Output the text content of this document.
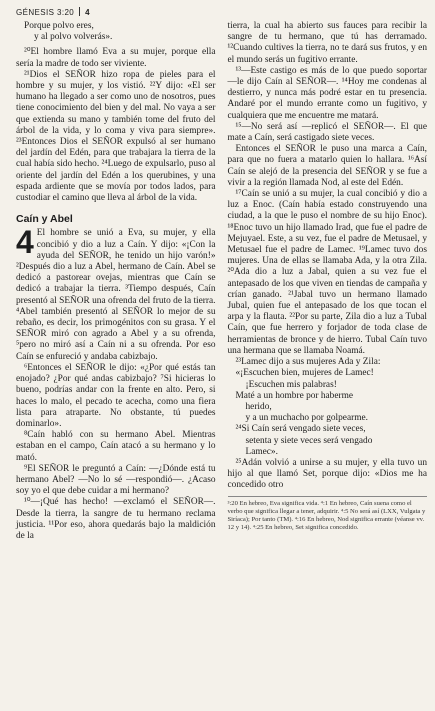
GÉNESIS 3:20 4
Porque polvo eres,
y al polvo volverás».

²⁰El hombre llamó Eva a su mujer, porque ella sería la madre de todo ser viviente.

²¹Dios el SEÑOR hizo ropa de pieles para el hombre y su mujer, y los vistió. ²²Y dijo: «El ser humano ha llegado a ser como uno de nosotros, pues tiene conocimiento del bien y del mal. No vaya a ser que extienda su mano y también tome del fruto del árbol de la vida, y lo coma y viva para siempre». ²³Entonces Dios el SEÑOR expulsó al ser humano del jardín del Edén, para que trabajara la tierra de la cual había sido hecho. ²⁴Luego de expulsarlo, puso al oriente del jardín del Edén a los querubines, y una espada ardiente que se movía por todos lados, para custodiar el camino que lleva al árbol de la vida.

Caín y Abel

4 El hombre se unió a Eva, su mujer, y ella concibió y dio a luz a Caín. Y dijo: «¡Con la ayuda del SEÑOR, he tenido un hijo varón!» ²Después dio a luz a Abel, hermano de Caín. Abel se dedicó a pastorear ovejas, mientras que Caín se dedicó a trabajar la tierra. ³Tiempo después, Caín presentó al SEÑOR una ofrenda del fruto de la tierra. ⁴Abel también presentó al SEÑOR lo mejor de su rebaño, es decir, los primogénitos con su grasa. Y el SEÑOR miró con agrado a Abel y a su ofrenda, ⁵pero no miró así a Caín ni a su ofrenda. Por eso Caín se enfureció y andaba cabizbajo.

⁶Entonces el SEÑOR le dijo: «¿Por qué estás tan enojado? ¿Por qué andas cabizbajo? ⁷Si hicieras lo bueno, podrías andar con la frente en alto. Pero, si haces lo malo, el pecado te acecha, como una fiera lista para atraparte. No obstante, tú puedes dominarlo».

⁸Caín habló con su hermano Abel. Mientras estaban en el campo, Caín atacó a su hermano y lo mató.

⁹El SEÑOR le preguntó a Caín: —¿Dónde está tu hermano Abel? —No lo sé —respondió—. ¿Acaso soy yo el que debe cuidar a mi hermano?

¹⁰—¡Qué has hecho! —exclamó el SEÑOR—. Desde la tierra, la sangre de tu hermano reclama justicia. ¹¹Por eso, ahora quedarás bajo la maldición de la

tierra, la cual ha abierto sus fauces para recibir la sangre de tu hermano, que tú has derramado. ¹²Cuando cultives la tierra, no te dará sus frutos, y en el mundo serás un fugitivo errante.

¹³—Este castigo es más de lo que puedo soportar —le dijo Caín al SEÑOR—. ¹⁴Hoy me condenas al destierro, y nunca más podré estar en tu presencia. Andaré por el mundo errante como un fugitivo, y cualquiera que me encuentre me matará.

¹⁵—No será así —replicó el SEÑOR—. El que mate a Caín, será castigado siete veces.

Entonces el SEÑOR le puso una marca a Caín, para que no fuera a matarlo quien lo hallara. ¹⁶Así Caín se alejó de la presencia del SEÑOR y se fue a vivir a la región llamada Nod, al este del Edén.

¹⁷Caín se unió a su mujer, la cual concibió y dio a luz a Enoc. (Caín había estado construyendo una ciudad, a la que le puso el nombre de su hijo Enoc). ¹⁸Enoc tuvo un hijo llamado Irad, que fue el padre de Mejuyael. Este, a su vez, fue el padre de Metusael, y Metusael fue el padre de Lamec. ¹⁹Lamec tuvo dos mujeres. Una de ellas se llamaba Ada, y la otra Zila. ²⁰Ada dio a luz a Jabal, quien a su vez fue el antepasado de los que viven en tiendas de campaña y crían ganado. ²¹Jabal tuvo un hermano llamado Jubal, quien fue el antepasado de los que tocan el arpa y la flauta. ²²Por su parte, Zila dio a luz a Tubal Caín, que fue herrero y forjador de toda clase de herramientas de bronce y de hierro. Tubal Caín tuvo una hermana que se llamaba Noamá.

²³Lamec dijo a sus mujeres Ada y Zila:

«¡Escuchen bien, mujeres de Lamec!
¡Escuchen mis palabras!
Maté a un hombre por haberme
herido,
y a un muchacho por golpearme.
²⁴Si Caín será vengado siete veces,
setenta y siete veces será vengado
Lamec».

²⁵Adán volvió a unirse a su mujer, y ella tuvo un hijo al que llamó Set, porque dijo: «Dios me ha concedido otro

³:20 En hebreo, Eva significa vida. ⁴:1 En hebreo, Caín suena como el verbo que significa llegar a tener, adquirir. ⁴:5 No será así (LXX, Vulgata y Siríaca); Por tanto (TM). ⁴:16 En hebreo, Nod significa errante (véanse vv. 12 y 14). ⁴:25 En hebreo, Set significa concedido.
